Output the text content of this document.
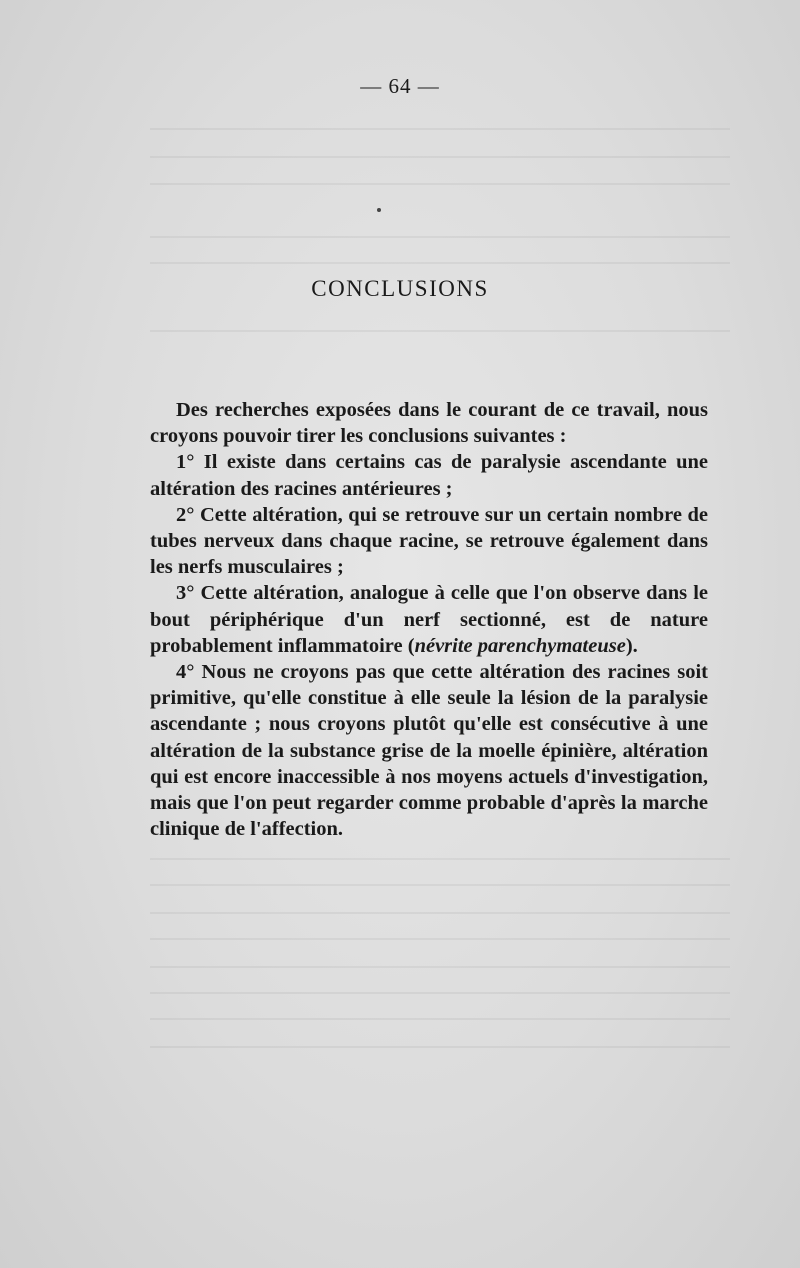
— 64 —
CONCLUSIONS

Des recherches exposées dans le courant de ce travail, nous croyons pouvoir tirer les conclusions suivantes :

1° Il existe dans certains cas de paralysie ascendante une altération des racines antérieures ;

2° Cette altération, qui se retrouve sur un certain nombre de tubes nerveux dans chaque racine, se retrouve également dans les nerfs musculaires ;

3° Cette altération, analogue à celle que l'on observe dans le bout périphérique d'un nerf sectionné, est de nature probablement inflammatoire (névrite parenchymateuse).

4° Nous ne croyons pas que cette altération des racines soit primitive, qu'elle constitue à elle seule la lésion de la paralysie ascendante ; nous croyons plutôt qu'elle est consécutive à une altération de la substance grise de la moelle épinière, altération qui est encore inaccessible à nos moyens actuels d'investigation, mais que l'on peut regarder comme probable d'après la marche clinique de l'affection.
